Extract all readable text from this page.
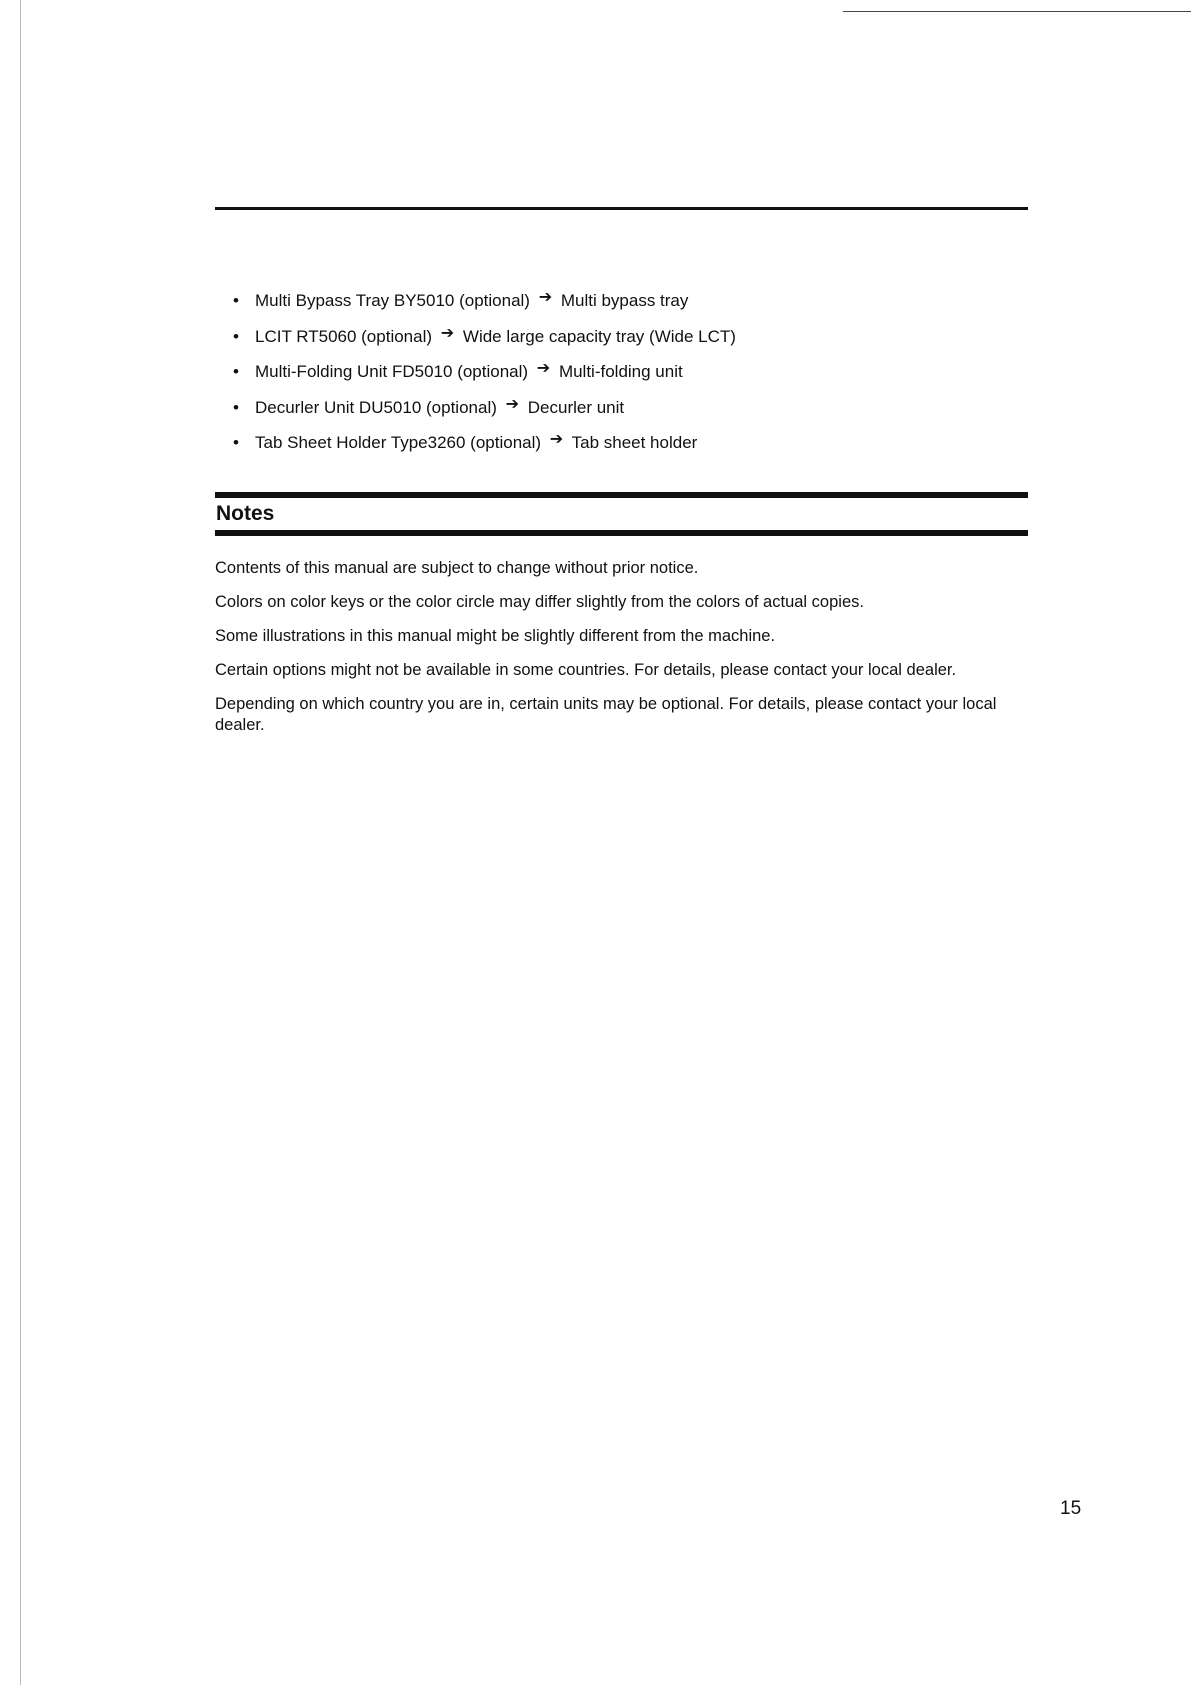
• Multi Bypass Tray BY5010 (optional) ➔ Multi bypass tray
• LCIT RT5060 (optional) ➔ Wide large capacity tray (Wide LCT)
• Multi-Folding Unit FD5010 (optional) ➔ Multi-folding unit
• Decurler Unit DU5010 (optional) ➔ Decurler unit
• Tab Sheet Holder Type3260 (optional) ➔ Tab sheet holder
Notes

Contents of this manual are subject to change without prior notice.

Colors on color keys or the color circle may differ slightly from the colors of actual copies.

Some illustrations in this manual might be slightly different from the machine.

Certain options might not be available in some countries. For details, please contact your local dealer.

Depending on which country you are in, certain units may be optional. For details, please contact your local dealer.

15
